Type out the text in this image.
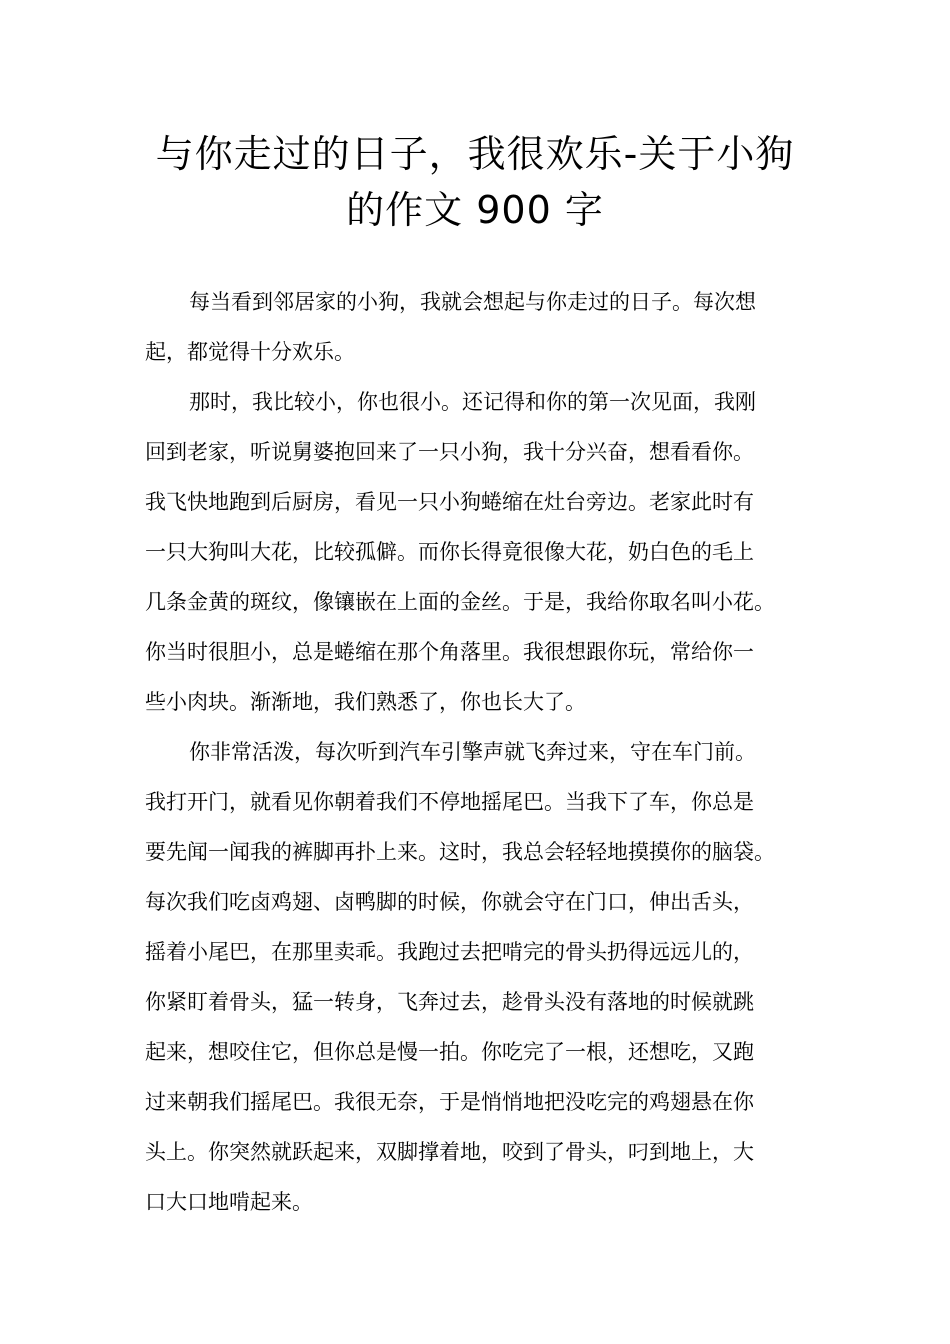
与你走过的日子，我很欢乐-关于小狗
的作文 900 字

每当看到邻居家的小狗，我就会想起与你走过的日子。每次想
起，都觉得十分欢乐。

那时，我比较小，你也很小。还记得和你的第一次见面，我刚
回到老家，听说舅婆抱回来了一只小狗，我十分兴奋，想看看你。
我飞快地跑到后厨房，看见一只小狗蜷缩在灶台旁边。老家此时有
一只大狗叫大花，比较孤僻。而你长得竟很像大花，奶白色的毛上
几条金黄的斑纹，像镶嵌在上面的金丝。于是，我给你取名叫小花。
你当时很胆小，总是蜷缩在那个角落里。我很想跟你玩，常给你一
些小肉块。渐渐地，我们熟悉了，你也长大了。

你非常活泼，每次听到汽车引擎声就飞奔过来，守在车门前。
我打开门，就看见你朝着我们不停地摇尾巴。当我下了车，你总是
要先闻一闻我的裤脚再扑上来。这时，我总会轻轻地摸摸你的脑袋。
每次我们吃卤鸡翅、卤鸭脚的时候，你就会守在门口，伸出舌头，
摇着小尾巴，在那里卖乖。我跑过去把啃完的骨头扔得远远儿的，
你紧盯着骨头，猛一转身，飞奔过去，趁骨头没有落地的时候就跳
起来，想咬住它，但你总是慢一拍。你吃完了一根，还想吃，又跑
过来朝我们摇尾巴。我很无奈，于是悄悄地把没吃完的鸡翅悬在你
头上。你突然就跃起来，双脚撑着地，咬到了骨头，叼到地上，大
口大口地啃起来。
